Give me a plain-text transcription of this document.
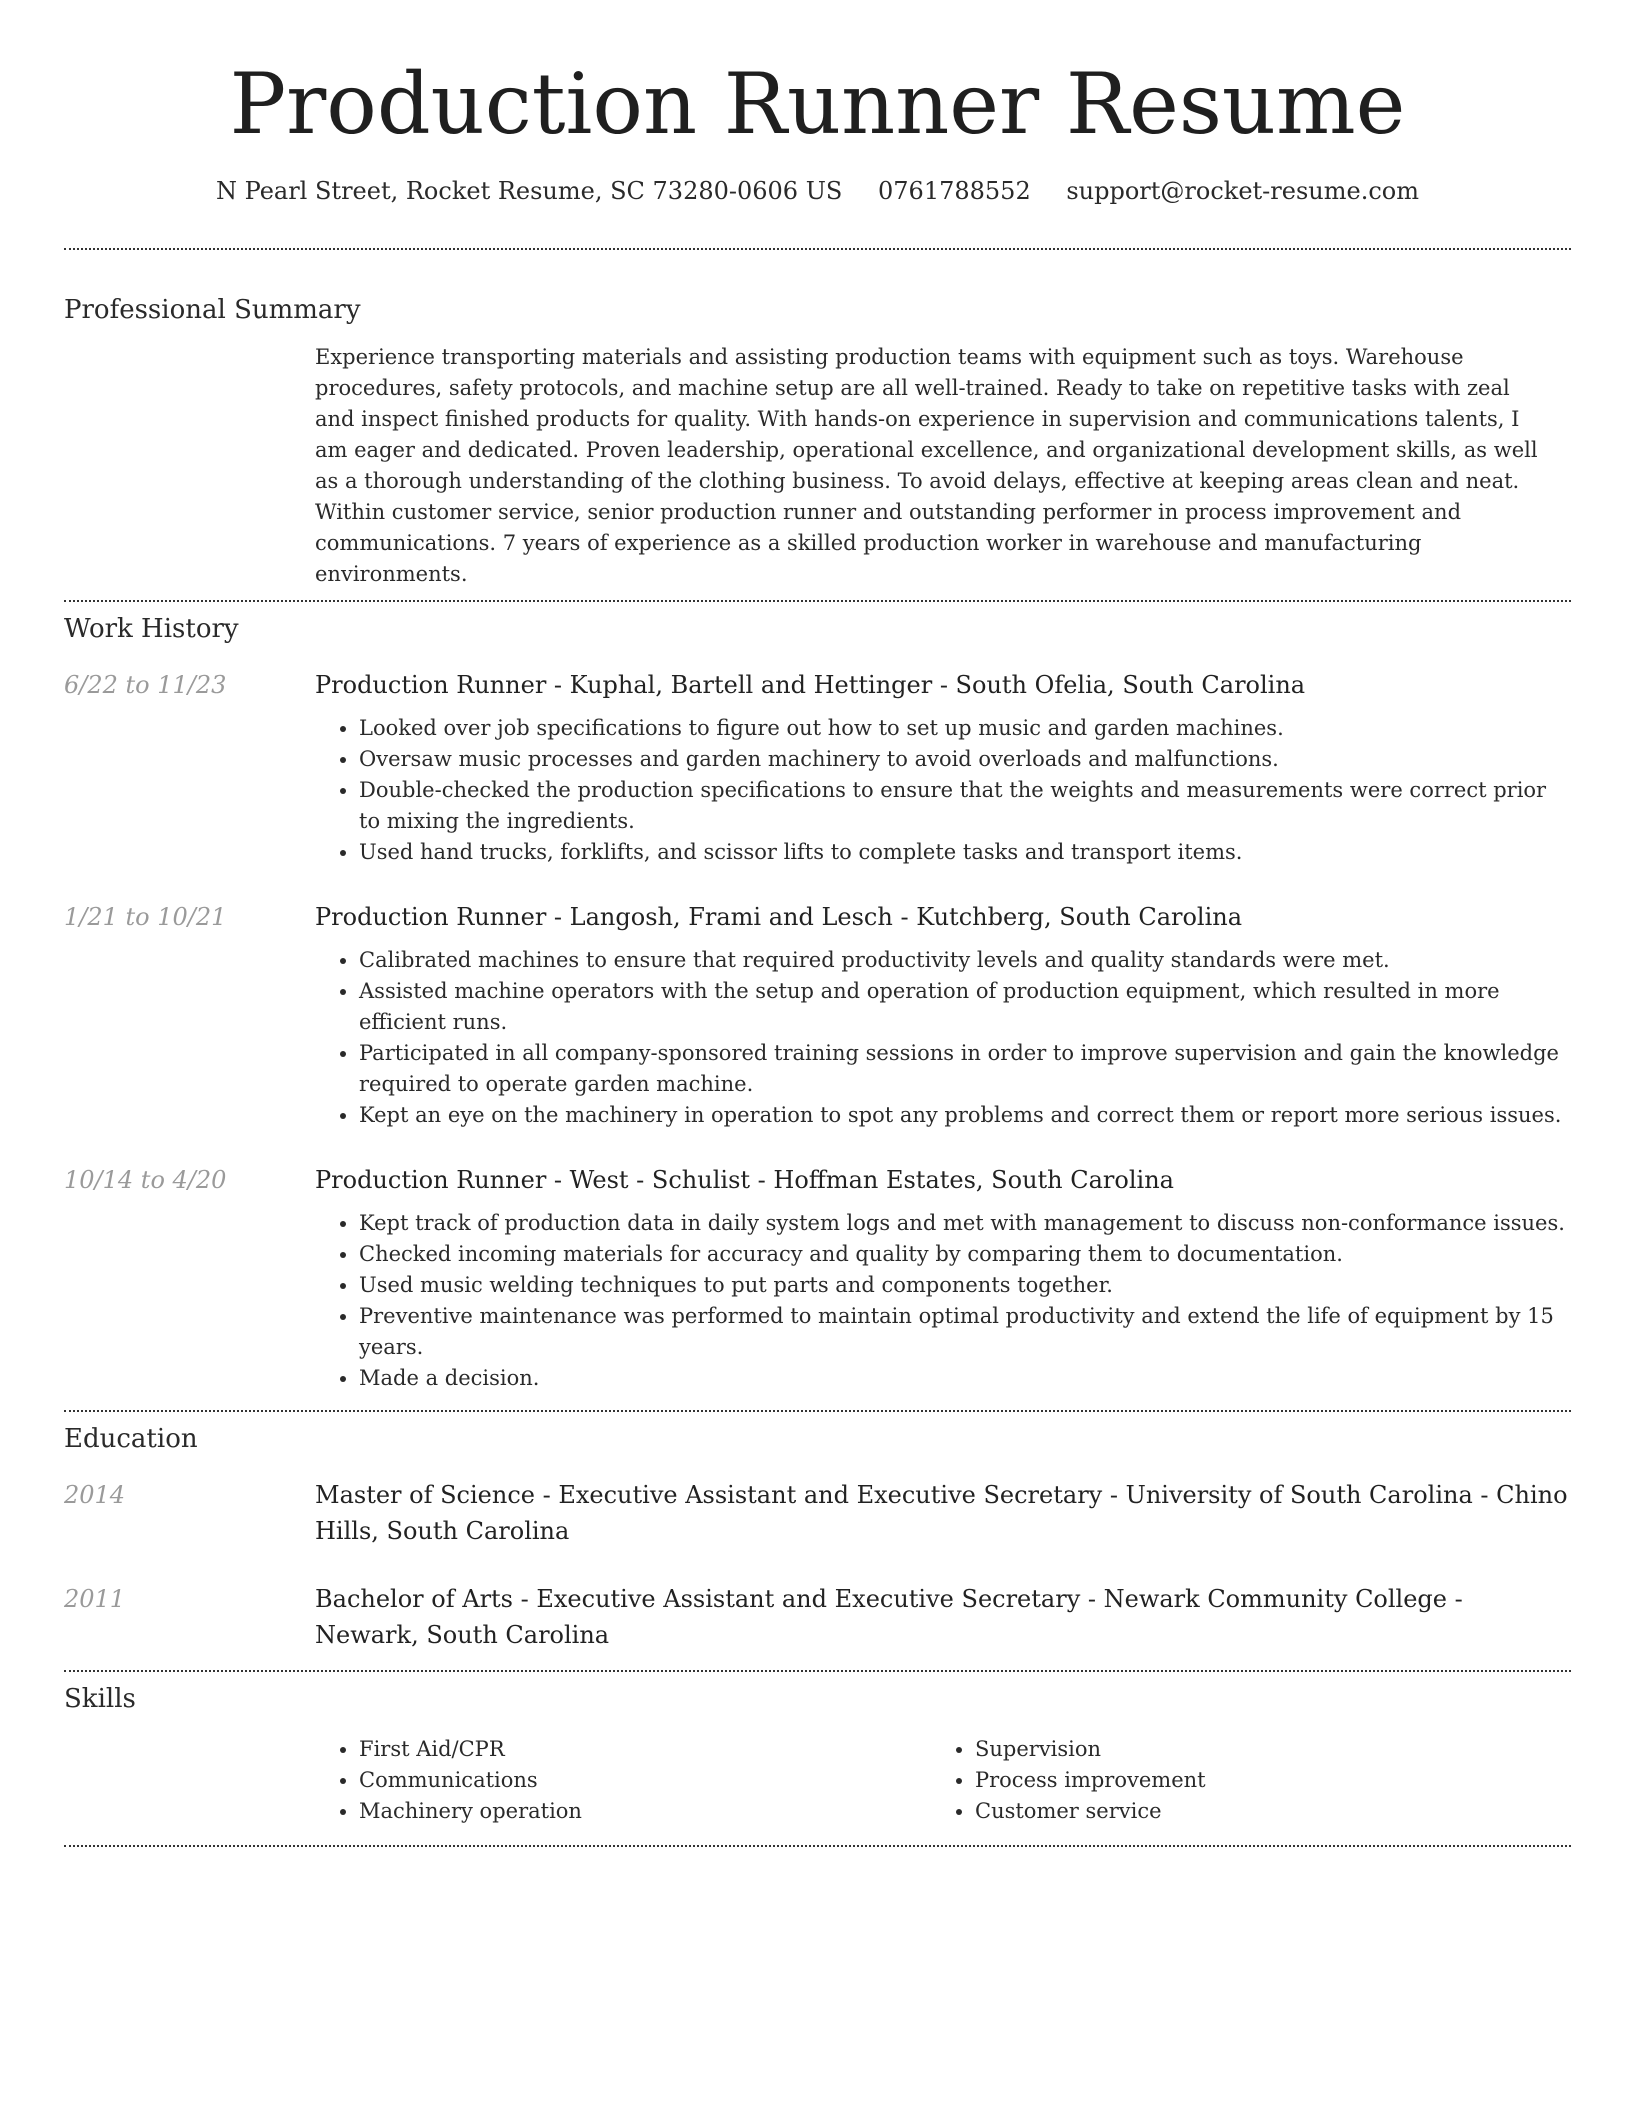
Production Runner Resume
N Pearl Street, Rocket Resume, SC 73280-0606 US 0761788552 support@rocket-resume.com
Professional Summary

Experience transporting materials and assisting production teams with equipment such as toys. Warehouse procedures, safety protocols, and machine setup are all well-trained. Ready to take on repetitive tasks with zeal and inspect finished products for quality. With hands-on experience in supervision and communications talents, I am eager and dedicated. Proven leadership, operational excellence, and organizational development skills, as well as a thorough understanding of the clothing business. To avoid delays, effective at keeping areas clean and neat. Within customer service, senior production runner and outstanding performer in process improvement and communications. 7 years of experience as a skilled production worker in warehouse and manufacturing environments.

Work History
6/22 to 11/23	Production Runner - Kuphal, Bartell and Hettinger - South Ofelia, South Carolina
• Looked over job specifications to figure out how to set up music and garden machines.
• Oversaw music processes and garden machinery to avoid overloads and malfunctions.
• Double-checked the production specifications to ensure that the weights and measurements were correct prior to mixing the ingredients.
• Used hand trucks, forklifts, and scissor lifts to complete tasks and transport items.
1/21 to 10/21	Production Runner - Langosh, Frami and Lesch - Kutchberg, South Carolina
• Calibrated machines to ensure that required productivity levels and quality standards were met.
• Assisted machine operators with the setup and operation of production equipment, which resulted in more efficient runs.
• Participated in all company-sponsored training sessions in order to improve supervision and gain the knowledge required to operate garden machine.
• Kept an eye on the machinery in operation to spot any problems and correct them or report more serious issues.
10/14 to 4/20	Production Runner - West - Schulist - Hoffman Estates, South Carolina
• Kept track of production data in daily system logs and met with management to discuss non-conformance issues.
• Checked incoming materials for accuracy and quality by comparing them to documentation.
• Used music welding techniques to put parts and components together.
• Preventive maintenance was performed to maintain optimal productivity and extend the life of equipment by 15 years.
• Made a decision.
Education
2014	Master of Science - Executive Assistant and Executive Secretary - University of South Carolina - Chino Hills, South Carolina
2011	Bachelor of Arts - Executive Assistant and Executive Secretary - Newark Community College - Newark, South Carolina
Skills
• First Aid/CPR
• Communications
• Machinery operation
• Supervision
• Process improvement
• Customer service
